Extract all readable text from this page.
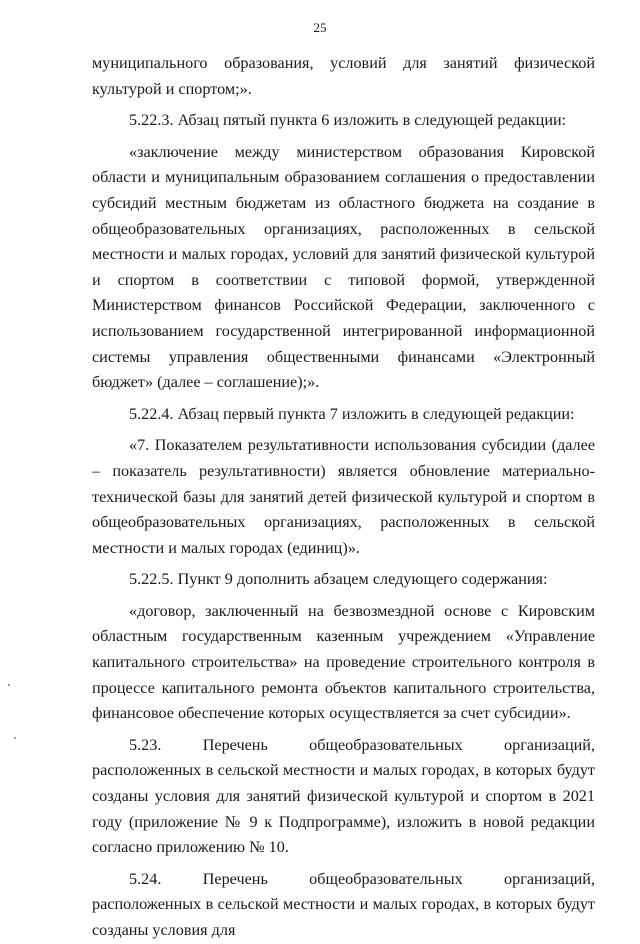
25

муниципального образования, условий для занятий физической культурой и спортом;».

5.22.3. Абзац пятый пункта 6 изложить в следующей редакции:

«заключение между министерством образования Кировской области и муниципальным образованием соглашения о предоставлении субсидий местным бюджетам из областного бюджета на создание в общеобразовательных организациях, расположенных в сельской местности и малых городах, условий для занятий физической культурой и спортом в соответствии с типовой формой, утвержденной Министерством финансов Российской Федерации, заключенного с использованием государственной интегрированной информационной системы управления общественными финансами «Электронный бюджет» (далее – соглашение);».

5.22.4. Абзац первый пункта 7 изложить в следующей редакции:

«7. Показателем результативности использования субсидии (далее – показатель результативности) является обновление материально-технической базы для занятий детей физической культурой и спортом в общеобразовательных организациях, расположенных в сельской местности и малых городах (единиц)».

5.22.5. Пункт 9 дополнить абзацем следующего содержания:

«договор, заключенный на безвозмездной основе с Кировским областным государственным казенным учреждением «Управление капитального строительства» на проведение строительного контроля в процессе капитального ремонта объектов капитального строительства, финансовое обеспечение которых осуществляется за счет субсидии».

5.23. Перечень общеобразовательных организаций, расположенных в сельской местности и малых городах, в которых будут созданы условия для занятий физической культурой и спортом в 2021 году (приложение № 9 к Подпрограмме), изложить в новой редакции согласно приложению № 10.

5.24. Перечень общеобразовательных организаций, расположенных в сельской местности и малых городах, в которых будут созданы условия для
